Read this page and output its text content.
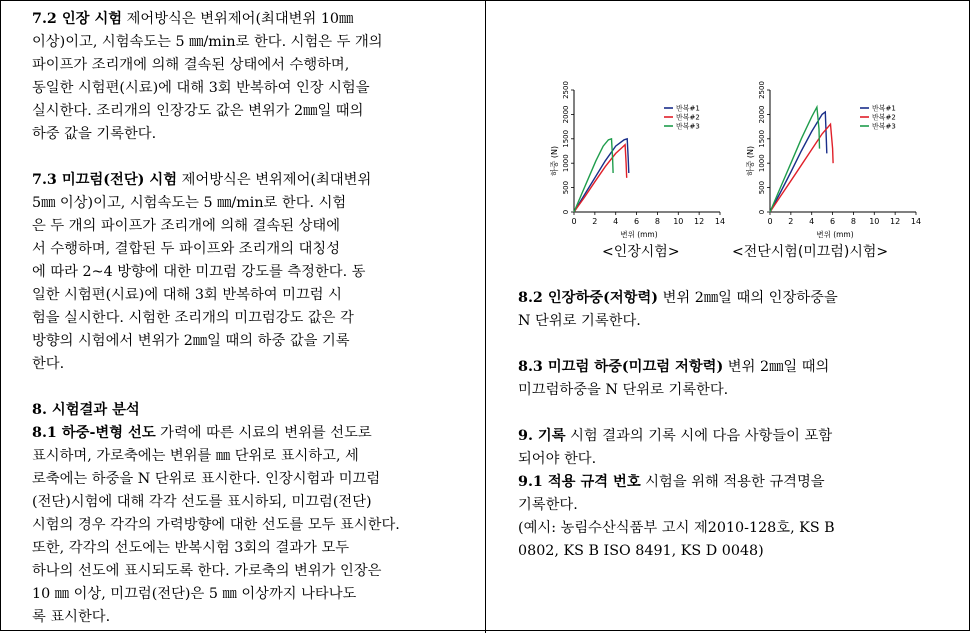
7.2 인장 시험 제어방식은 변위제어(최대변위 10㎜
이상)이고, 시험속도는 5 ㎜/min로 한다. 시험은 두 개의
파이프가 조리개에 의해 결속된 상태에서 수행하며,
동일한 시험편(시료)에 대해 3회 반복하여 인장 시험을
실시한다. 조리개의 인장강도 값은 변위가 2㎜일 때의
하중 값을 기록한다.
7.3 미끄럼(전단) 시험 제어방식은 변위제어(최대변위
5㎜ 이상)이고, 시험속도는 5 ㎜/min로 한다. 시험
은 두 개의 파이프가 조리개에 의해 결속된 상태에
서 수행하며, 결합된 두 파이프와 조리개의 대칭성
에 따라 2~4 방향에 대한 미끄럼 강도를 측정한다. 동
일한 시험편(시료)에 대해 3회 반복하여 미끄럼 시
험을 실시한다. 시험한 조리개의 미끄럼강도 값은 각
방향의 시험에서 변위가 2㎜일 때의 하중 값을 기록
한다.
8. 시험결과 분석
8.1 하중-변형 선도 가력에 따른 시료의 변위를 선도로
표시하며, 가로축에는 변위를 ㎜ 단위로 표시하고, 세
로축에는 하중을 N 단위로 표시한다. 인장시험과 미끄럼
(전단)시험에 대해 각각 선도를 표시하되, 미끄럼(전단)
시험의 경우 각각의 가력방향에 대한 선도를 모두 표시한다.
또한, 각각의 선도에는 반복시험 3회의 결과가 모두
하나의 선도에 표시되도록 한다. 가로축의 변위가 인장은
10 ㎜ 이상, 미끄럼(전단)은 5 ㎜ 이상까지 나타나도
록 표시한다.
0 2 4 6 8 10 12 14
0
500
1000
1500
2000
2500
변위 (mm)
하중 (N)
반복#1
반복#2
반복#3
0 2 4 6 8 10 12 14
0
500
1000
1500
2000
2500
변위 (mm)
하중 (N)
반복#1
반복#2
반복#3
<인장시험>	<전단시험(미끄럼)시험>
8.2 인장하중(저항력) 변위 2㎜일 때의 인장하중을
N 단위로 기록한다.
8.3 미끄럼 하중(미끄럼 저항력) 변위 2㎜일 때의
미끄럼하중을 N 단위로 기록한다.
9. 기록 시험 결과의 기록 시에 다음 사항들이 포함
되어야 한다.
9.1 적용 규격 번호 시험을 위해 적용한 규격명을
기록한다.
(예시: 농림수산식품부 고시 제2010-128호, KS B
0802, KS B ISO 8491, KS D 0048)
